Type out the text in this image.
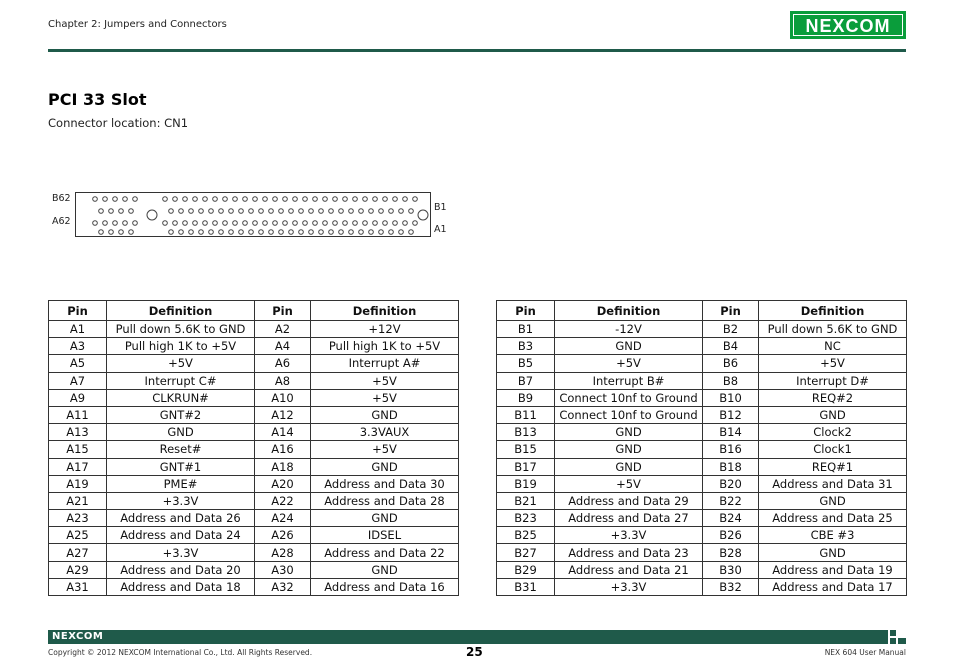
Chapter 2: Jumpers and Connectors	NEXCOM
PCI 33 Slot
Connector location: CN1
B62
A62
B1
A1
Pin	Definition	Pin	Definition
A1	Pull down 5.6K to GND	A2	+12V
A3	Pull high 1K to +5V	A4	Pull high 1K to +5V
A5	+5V	A6	Interrupt A#
A7	Interrupt C#	A8	+5V
A9	CLKRUN#	A10	+5V
A11	GNT#2	A12	GND
A13	GND	A14	3.3VAUX
A15	Reset#	A16	+5V
A17	GNT#1	A18	GND
A19	PME#	A20	Address and Data 30
A21	+3.3V	A22	Address and Data 28
A23	Address and Data 26	A24	GND
A25	Address and Data 24	A26	IDSEL
A27	+3.3V	A28	Address and Data 22
A29	Address and Data 20	A30	GND
A31	Address and Data 18	A32	Address and Data 16
Pin	Definition	Pin	Definition
B1	-12V	B2	Pull down 5.6K to GND
B3	GND	B4	NC
B5	+5V	B6	+5V
B7	Interrupt B#	B8	Interrupt D#
B9	Connect 10nf to Ground	B10	REQ#2
B11	Connect 10nf to Ground	B12	GND
B13	GND	B14	Clock2
B15	GND	B16	Clock1
B17	GND	B18	REQ#1
B19	+5V	B20	Address and Data 31
B21	Address and Data 29	B22	GND
B23	Address and Data 27	B24	Address and Data 25
B25	+3.3V	B26	CBE #3
B27	Address and Data 23	B28	GND
B29	Address and Data 21	B30	Address and Data 19
B31	+3.3V	B32	Address and Data 17
NEXCOM
Copyright © 2012 NEXCOM International Co., Ltd. All Rights Reserved.	25	NEX 604 User Manual
